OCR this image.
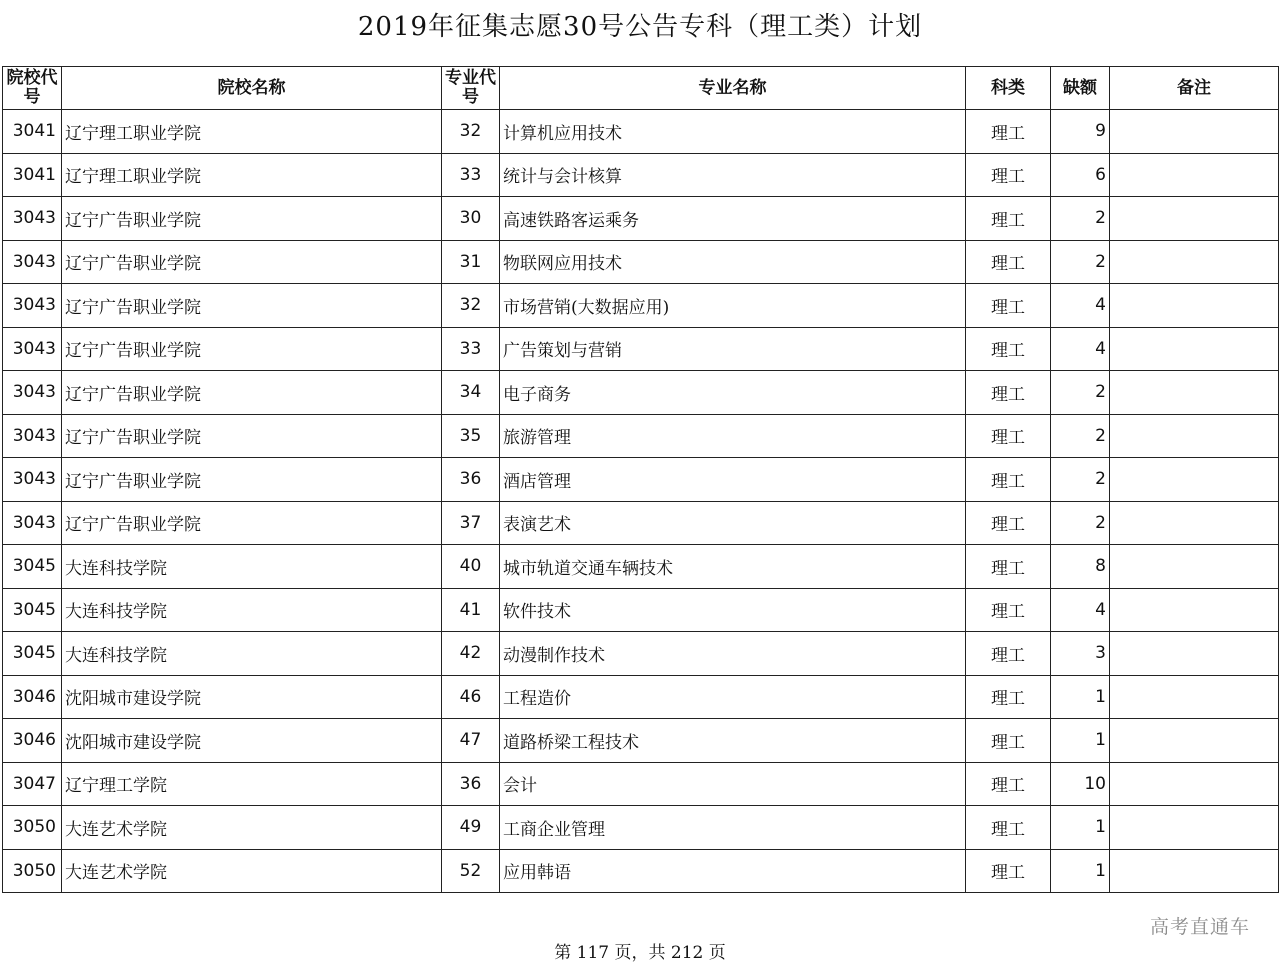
2019年征集志愿30号公告专科（理工类）计划
院校代号	院校名称	专业代号	专业名称	科类	缺额	备注
3041	辽宁理工职业学院	32	计算机应用技术	理工	9	
3041	辽宁理工职业学院	33	统计与会计核算	理工	6	
3043	辽宁广告职业学院	30	高速铁路客运乘务	理工	2	
3043	辽宁广告职业学院	31	物联网应用技术	理工	2	
3043	辽宁广告职业学院	32	市场营销(大数据应用)	理工	4	
3043	辽宁广告职业学院	33	广告策划与营销	理工	4	
3043	辽宁广告职业学院	34	电子商务	理工	2	
3043	辽宁广告职业学院	35	旅游管理	理工	2	
3043	辽宁广告职业学院	36	酒店管理	理工	2	
3043	辽宁广告职业学院	37	表演艺术	理工	2	
3045	大连科技学院	40	城市轨道交通车辆技术	理工	8	
3045	大连科技学院	41	软件技术	理工	4	
3045	大连科技学院	42	动漫制作技术	理工	3	
3046	沈阳城市建设学院	46	工程造价	理工	1	
3046	沈阳城市建设学院	47	道路桥梁工程技术	理工	1	
3047	辽宁理工学院	36	会计	理工	10	
3050	大连艺术学院	49	工商企业管理	理工	1	
3050	大连艺术学院	52	应用韩语	理工	1	
高考直通车
第 117 页，共 212 页
